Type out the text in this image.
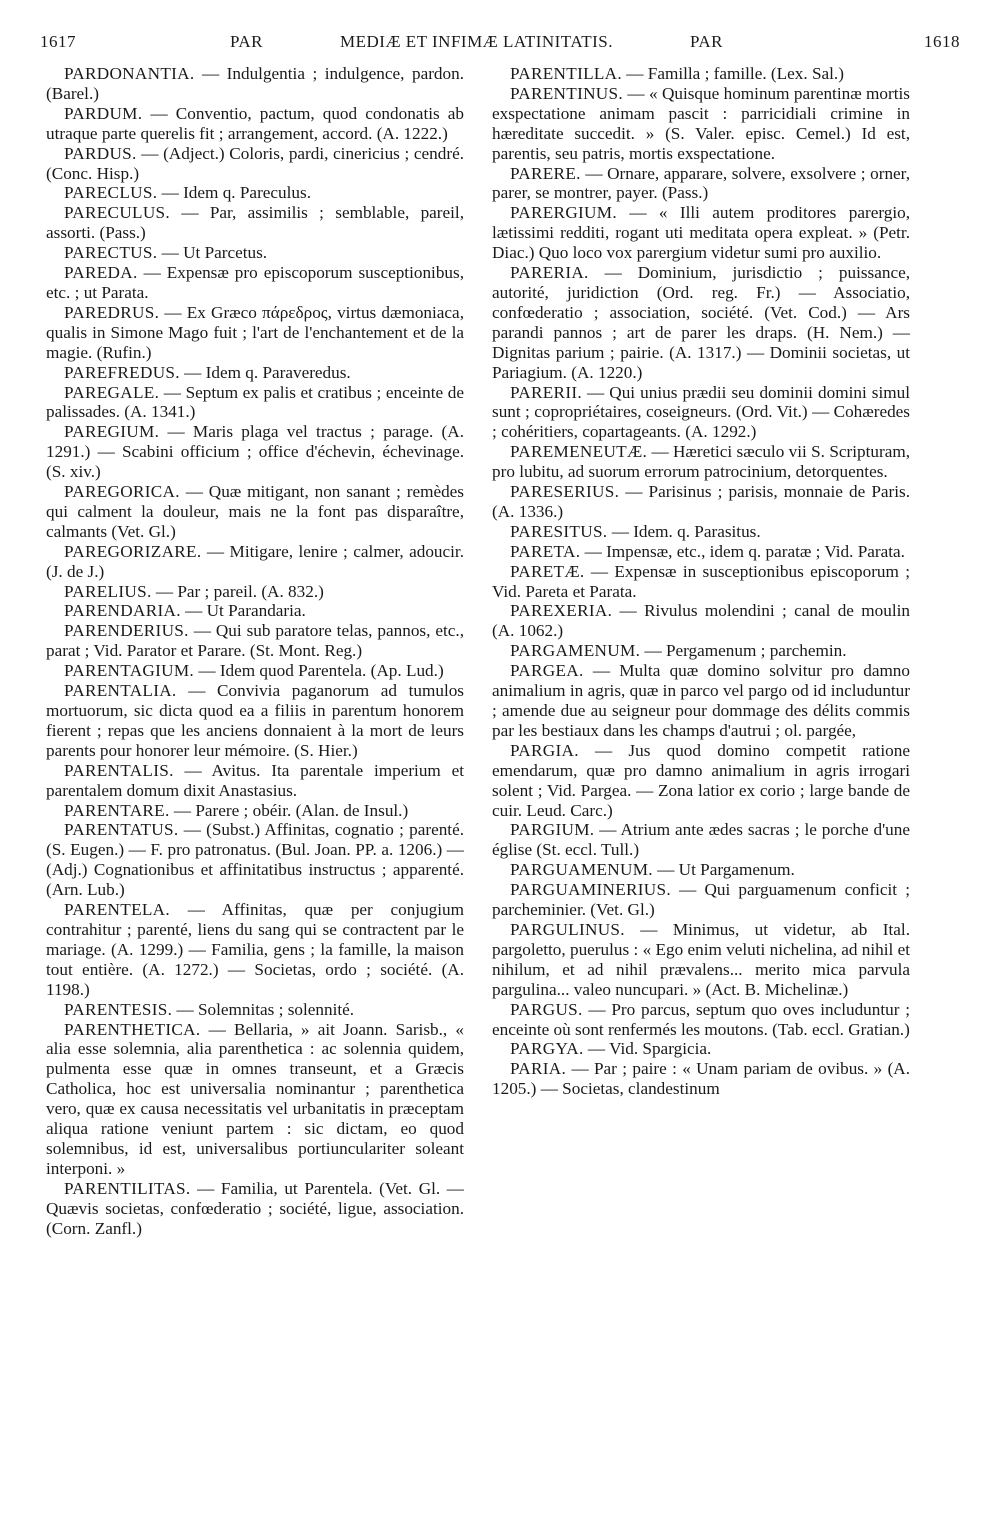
1617	PAR	MEDIÆ ET INFIMÆ LATINITATIS.	PAR	1618

PARDONANTIA. — Indulgentia ; indulgence, pardon. (Barel.)

PARDUM. — Conventio, pactum, quod condonatis ab utraque parte querelis fit ; arrangement, accord. (A. 1222.)

PARDUS. — (Adject.) Coloris, pardi, cinericius ; cendré. (Conc. Hisp.)

PARECLUS. — Idem q. Pareculus.

PARECULUS. — Par, assimilis ; semblable, pareil, assorti. (Pass.)

PARECTUS. — Ut Parcetus.

PAREDA. — Expensæ pro episcoporum susceptionibus, etc. ; ut Parata.

PAREDRUS. — Ex Græco πάρεδρος, virtus dæmoniaca, qualis in Simone Mago fuit ; l'art de l'enchantement et de la magie. (Rufin.)

PAREFREDUS. — Idem q. Paraveredus.

PAREGALE. — Septum ex palis et cratibus ; enceinte de palissades. (A. 1341.)

PAREGIUM. — Maris plaga vel tractus ; parage. (A. 1291.) — Scabini officium ; office d'échevin, échevinage. (S. xiv.)

PAREGORICA. — Quæ mitigant, non sanant ; remèdes qui calment la douleur, mais ne la font pas disparaître, calmants (Vet. Gl.)

PAREGORIZARE. — Mitigare, lenire ; calmer, adoucir. (J. de J.)

PARELIUS. — Par ; pareil. (A. 832.)

PARENDARIA. — Ut Parandaria.

PARENDERIUS. — Qui sub paratore telas, pannos, etc., parat ; Vid. Parator et Parare. (St. Mont. Reg.)

PARENTAGIUM. — Idem quod Parentela. (Ap. Lud.)

PARENTALIA. — Convivia paganorum ad tumulos mortuorum, sic dicta quod ea a filiis in parentum honorem fierent ; repas que les anciens donnaient à la mort de leurs parents pour honorer leur mémoire. (S. Hier.)

PARENTALIS. — Avitus. Ita parentale imperium et parentalem domum dixit Anastasius.

PARENTARE. — Parere ; obéir. (Alan. de Insul.)

PARENTATUS. — (Subst.) Affinitas, cognatio ; parenté. (S. Eugen.) — F. pro patronatus. (Bul. Joan. PP. a. 1206.) — (Adj.) Cognationibus et affinitatibus instructus ; apparenté. (Arn. Lub.)

PARENTELA. — Affinitas, quæ per conjugium contrahitur ; parenté, liens du sang qui se contractent par le mariage. (A. 1299.) — Familia, gens ; la famille, la maison tout entière. (A. 1272.) — Societas, ordo ; société. (A. 1198.)

PARENTESIS. — Solemnitas ; solennité.

PARENTHETICA. — Bellaria, » ait Joann. Sarisb., « alia esse solemnia, alia parenthetica : ac solennia quidem, pulmenta esse quæ in omnes transeunt, et a Græcis Catholica, hoc est universalia nominantur ; parenthetica vero, quæ ex causa necessitatis vel urbanitatis in præceptam aliqua ratione veniunt partem : sic dictam, eo quod solemnibus, id est, universalibus portiunculariter soleant interponi. »

PARENTILITAS. — Familia, ut Parentela. (Vet. Gl. — Quævis societas, confœderatio ; société, ligue, association. (Corn. Zanfl.)

PARENTILLA. — Familla ; famille. (Lex. Sal.)

PARENTINUS. — « Quisque hominum parentinæ mortis exspectatione animam pascit : parricidiali crimine in hæreditate succedit. » (S. Valer. episc. Cemel.) Id est, parentis, seu patris, mortis exspectatione.

PARERE. — Ornare, apparare, solvere, exsolvere ; orner, parer, se montrer, payer. (Pass.)

PARERGIUM. — « Illi autem proditores parergio, lætissimi redditi, rogant uti meditata opera expleat. » (Petr. Diac.) Quo loco vox parergium videtur sumi pro auxilio.

PARERIA. — Dominium, jurisdictio ; puissance, autorité, juridiction (Ord. reg. Fr.) — Associatio, confœderatio ; association, société. (Vet. Cod.) — Ars parandi pannos ; art de parer les draps. (H. Nem.) — Dignitas parium ; pairie. (A. 1317.) — Dominii societas, ut Pariagium. (A. 1220.)

PARERII. — Qui unius prædii seu dominii domini simul sunt ; copropriétaires, coseigneurs. (Ord. Vit.) — Cohæredes ; cohéritiers, copartageants. (A. 1292.)

PAREMENEUTÆ. — Hæretici sæculo vii S. Scripturam, pro lubitu, ad suorum errorum patrocinium, detorquentes.

PARESERIUS. — Parisinus ; parisis, monnaie de Paris. (A. 1336.)

PARESITUS. — Idem. q. Parasitus.

PARETA. — Impensæ, etc., idem q. paratæ ; Vid. Parata.

PARETÆ. — Expensæ in susceptionibus episcoporum ; Vid. Pareta et Parata.

PAREXERIA. — Rivulus molendini ; canal de moulin (A. 1062.)

PARGAMENUM. — Pergamenum ; parchemin.

PARGEA. — Multa quæ domino solvitur pro damno animalium in agris, quæ in parco vel pargo od id includuntur ; amende due au seigneur pour dommage des délits commis par les bestiaux dans les champs d'autrui ; ol. pargée,

PARGIA. — Jus quod domino competit ratione emendarum, quæ pro damno animalium in agris irrogari solent ; Vid. Pargea. — Zona latior ex corio ; large bande de cuir. Leud. Carc.)

PARGIUM. — Atrium ante ædes sacras ; le porche d'une église (St. eccl. Tull.)

PARGUAMENUM. — Ut Pargamenum.

PARGUAMINERIUS. — Qui parguamenum conficit ; parcheminier. (Vet. Gl.)

PARGULINUS. — Minimus, ut videtur, ab Ital. pargoletto, puerulus : « Ego enim veluti nichelina, ad nihil et nihilum, et ad nihil prævalens... merito mica parvula pargulina... valeo nuncupari. » (Act. B. Michelinæ.)

PARGUS. — Pro parcus, septum quo oves includuntur ; enceinte où sont renfermés les moutons. (Tab. eccl. Gratian.)

PARGYA. — Vid. Spargicia.

PARIA. — Par ; paire : « Unam pariam de ovibus. » (A. 1205.) — Societas, clandestinum
